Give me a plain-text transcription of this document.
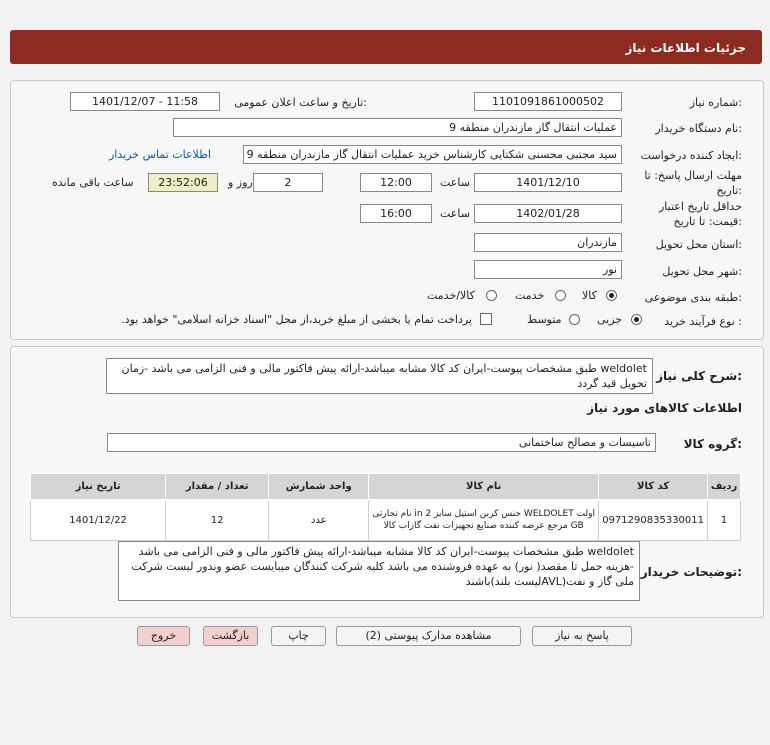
جزئیات اطلاعات نیاز
شماره نیاز:
1101091861000502
تاریخ و ساعت اعلان عمومی:
1401/12/07 - 11:58
نام دستگاه خریدار:
عملیات انتقال گاز مازندران منطقه 9
ایجاد کننده درخواست:
سید مجتبی محسنی شکتایی کارشناس خرید عملیات انتقال گاز مازندران منطقه 9
اطلاعات تماس خریدار
مهلت ارسال پاسخ: تا تاریخ:
1401/12/10
ساعت
12:00
2
روز و
23:52:06
ساعت باقی مانده
حداقل تاریخ اعتبار قیمت: تا تاریخ:
1402/01/28
ساعت
16:00
استان محل تحویل:
مازندران
شهر محل تحویل:
نور
طبقه بندی موضوعی:
کالا
خدمت
کالا/خدمت
نوع فرآیند خرید :
جزیی
متوسط
پرداخت تمام یا بخشی از مبلغ خرید،از محل "اسناد خزانه اسلامی" خواهد بود.
شرح کلی نیاز:
weldolet طبق مشخصات پیوست-ایران کد کالا مشابه میباشد-ارائه پیش فاکتور مالی و فنی الزامی می باشد -زمان تحویل قید گردد
اطلاعات کالاهای مورد نیاز
گروه کالا:
تاسیسات و مصالح ساختمانی
ردیف	کد کالا	نام کالا	واحد شمارش	تعداد / مقدار	تاریخ نیاز
1	0971290835330011	اولت WELDOLET جنس کربن استیل سایز 2 in نام تجارتی GB مرجع عرضه کننده صنایع تجهیزات نفت گازاب کالا	عدد	12	1401/12/22
توضیحات خریدار:
weldolet طبق مشخصات پیوست-ایران کد کالا مشابه میباشد-ارائه پیش فاکتور مالی و فنی الزامی می باشد -هزینه حمل تا مقصد( نور) به عهده فروشنده می باشد کلیه شرکت کنندگان میبایست عضو وندور لیست شرکت ملی گاز و نفت(AVLلیست بلند)باشند
پاسخ به نیاز
مشاهده مدارک پیوستی (2)
چاپ
بازگشت
خروج
